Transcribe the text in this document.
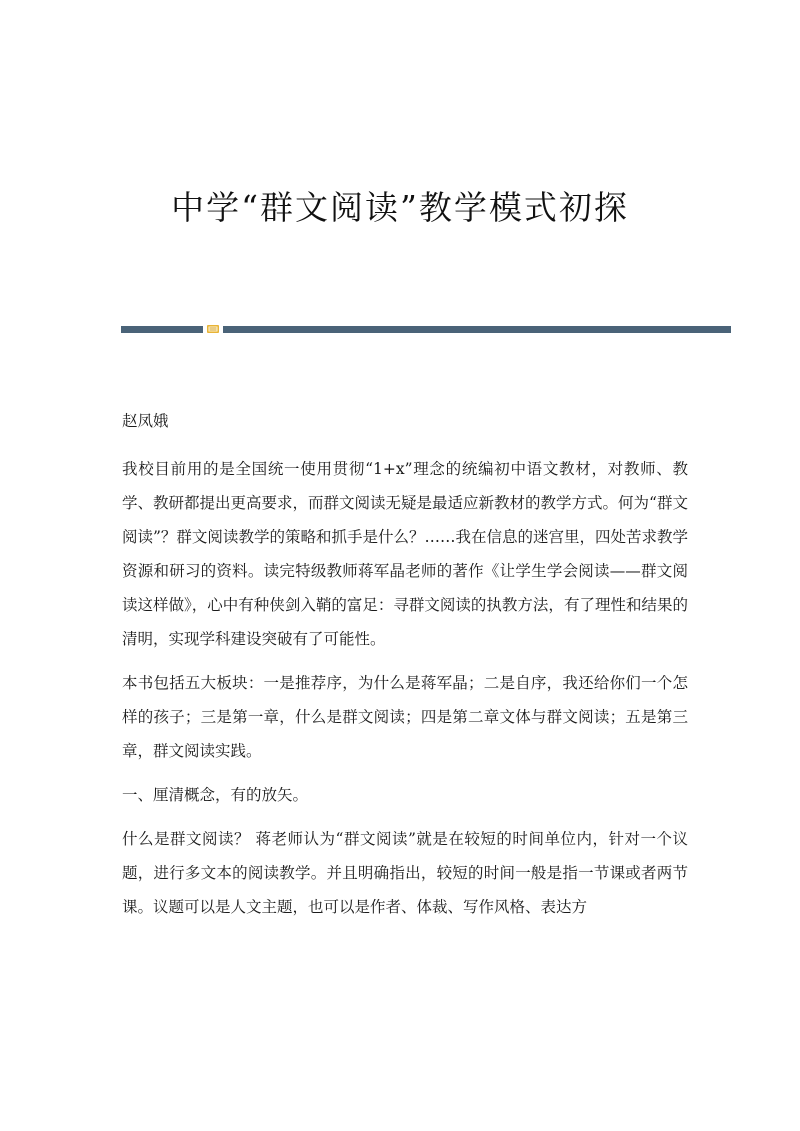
中学“群文阅读”教学模式初探

赵凤娥

我校目前用的是全国统一使用贯彻“1+x”理念的统编初中语文教材，对教师、教学、教研都提出更高要求，而群文阅读无疑是最适应新教材的教学方式。何为“群文阅读”？群文阅读教学的策略和抓手是什么？……我在信息的迷宫里，四处苦求教学资源和研习的资料。读完特级教师蒋军晶老师的著作《让学生学会阅读——群文阅读这样做》，心中有种侠剑入鞘的富足：寻群文阅读的执教方法，有了理性和结果的清明，实现学科建设突破有了可能性。

本书包括五大板块：一是推荐序，为什么是蒋军晶；二是自序，我还给你们一个怎样的孩子；三是第一章，什么是群文阅读；四是第二章文体与群文阅读；五是第三章，群文阅读实践。

一、厘清概念，有的放矢。

什么是群文阅读？ 蒋老师认为“群文阅读”就是在较短的时间单位内，针对一个议题，进行多文本的阅读教学。并且明确指出，较短的时间一般是指一节课或者两节课。议题可以是人文主题，也可以是作者、体裁、写作风格、表达方
